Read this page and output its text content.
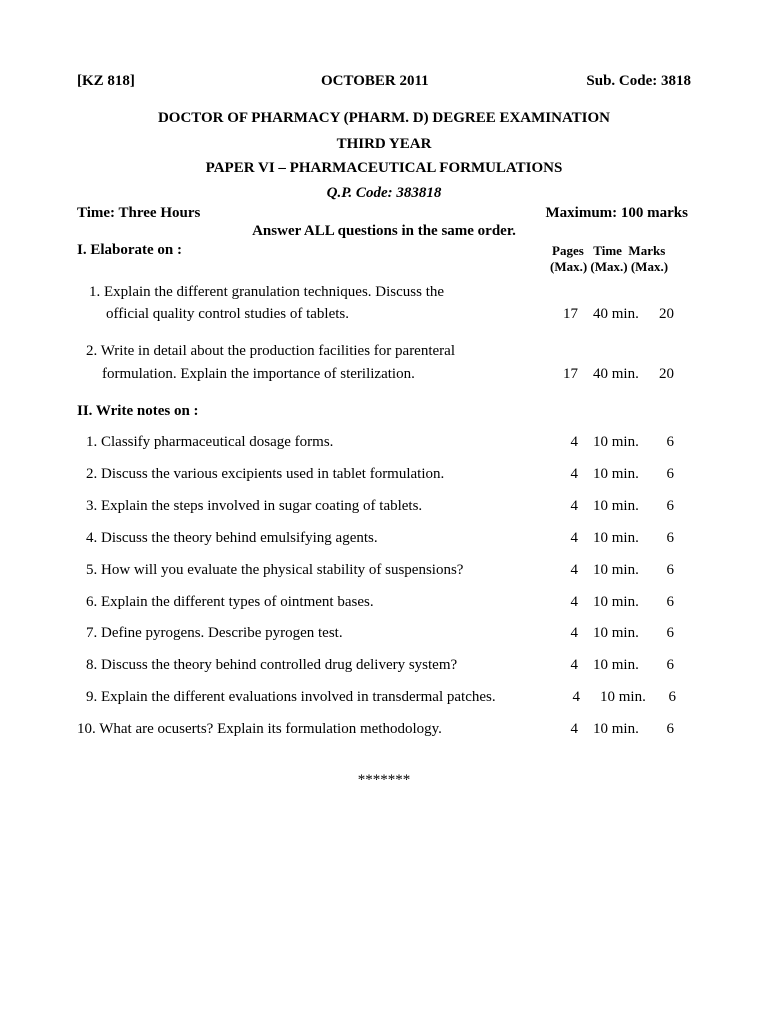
[KZ 818]	OCTOBER 2011	Sub. Code: 3818
DOCTOR OF PHARMACY (PHARM. D) DEGREE EXAMINATION
THIRD YEAR
PAPER VI – PHARMACEUTICAL FORMULATIONS
Q.P. Code: 383818
Time: Three Hours	Maximum: 100 marks
Answer ALL questions in the same order.
I. Elaborate on :	Pages   Time  Marks
(Max.) (Max.) (Max.)
1. Explain the different granulation techniques. Discuss the
official quality control studies of tablets.	17 40 min.	20
2. Write in detail about the production facilities for parenteral
formulation. Explain the importance of sterilization.	17 40 min.	20
II. Write notes on :
1. Classify pharmaceutical dosage forms.	4 10 min.	6
2. Discuss the various excipients used in tablet formulation.	4 10 min.	6
3. Explain the steps involved in sugar coating of tablets.	4 10 min.	6
4. Discuss the theory behind emulsifying agents.	4 10 min.	6
5. How will you evaluate the physical stability of suspensions?	4 10 min.	6
6. Explain the different types of ointment bases.	4 10 min.	6
7. Define pyrogens. Describe pyrogen test.	4 10 min.	6
8. Discuss the theory behind controlled drug delivery system?	4 10 min.	6
9. Explain the different evaluations involved in transdermal patches.	4 10 min.	6
10. What are ocuserts? Explain its formulation methodology.	4 10 min.	6
*******
